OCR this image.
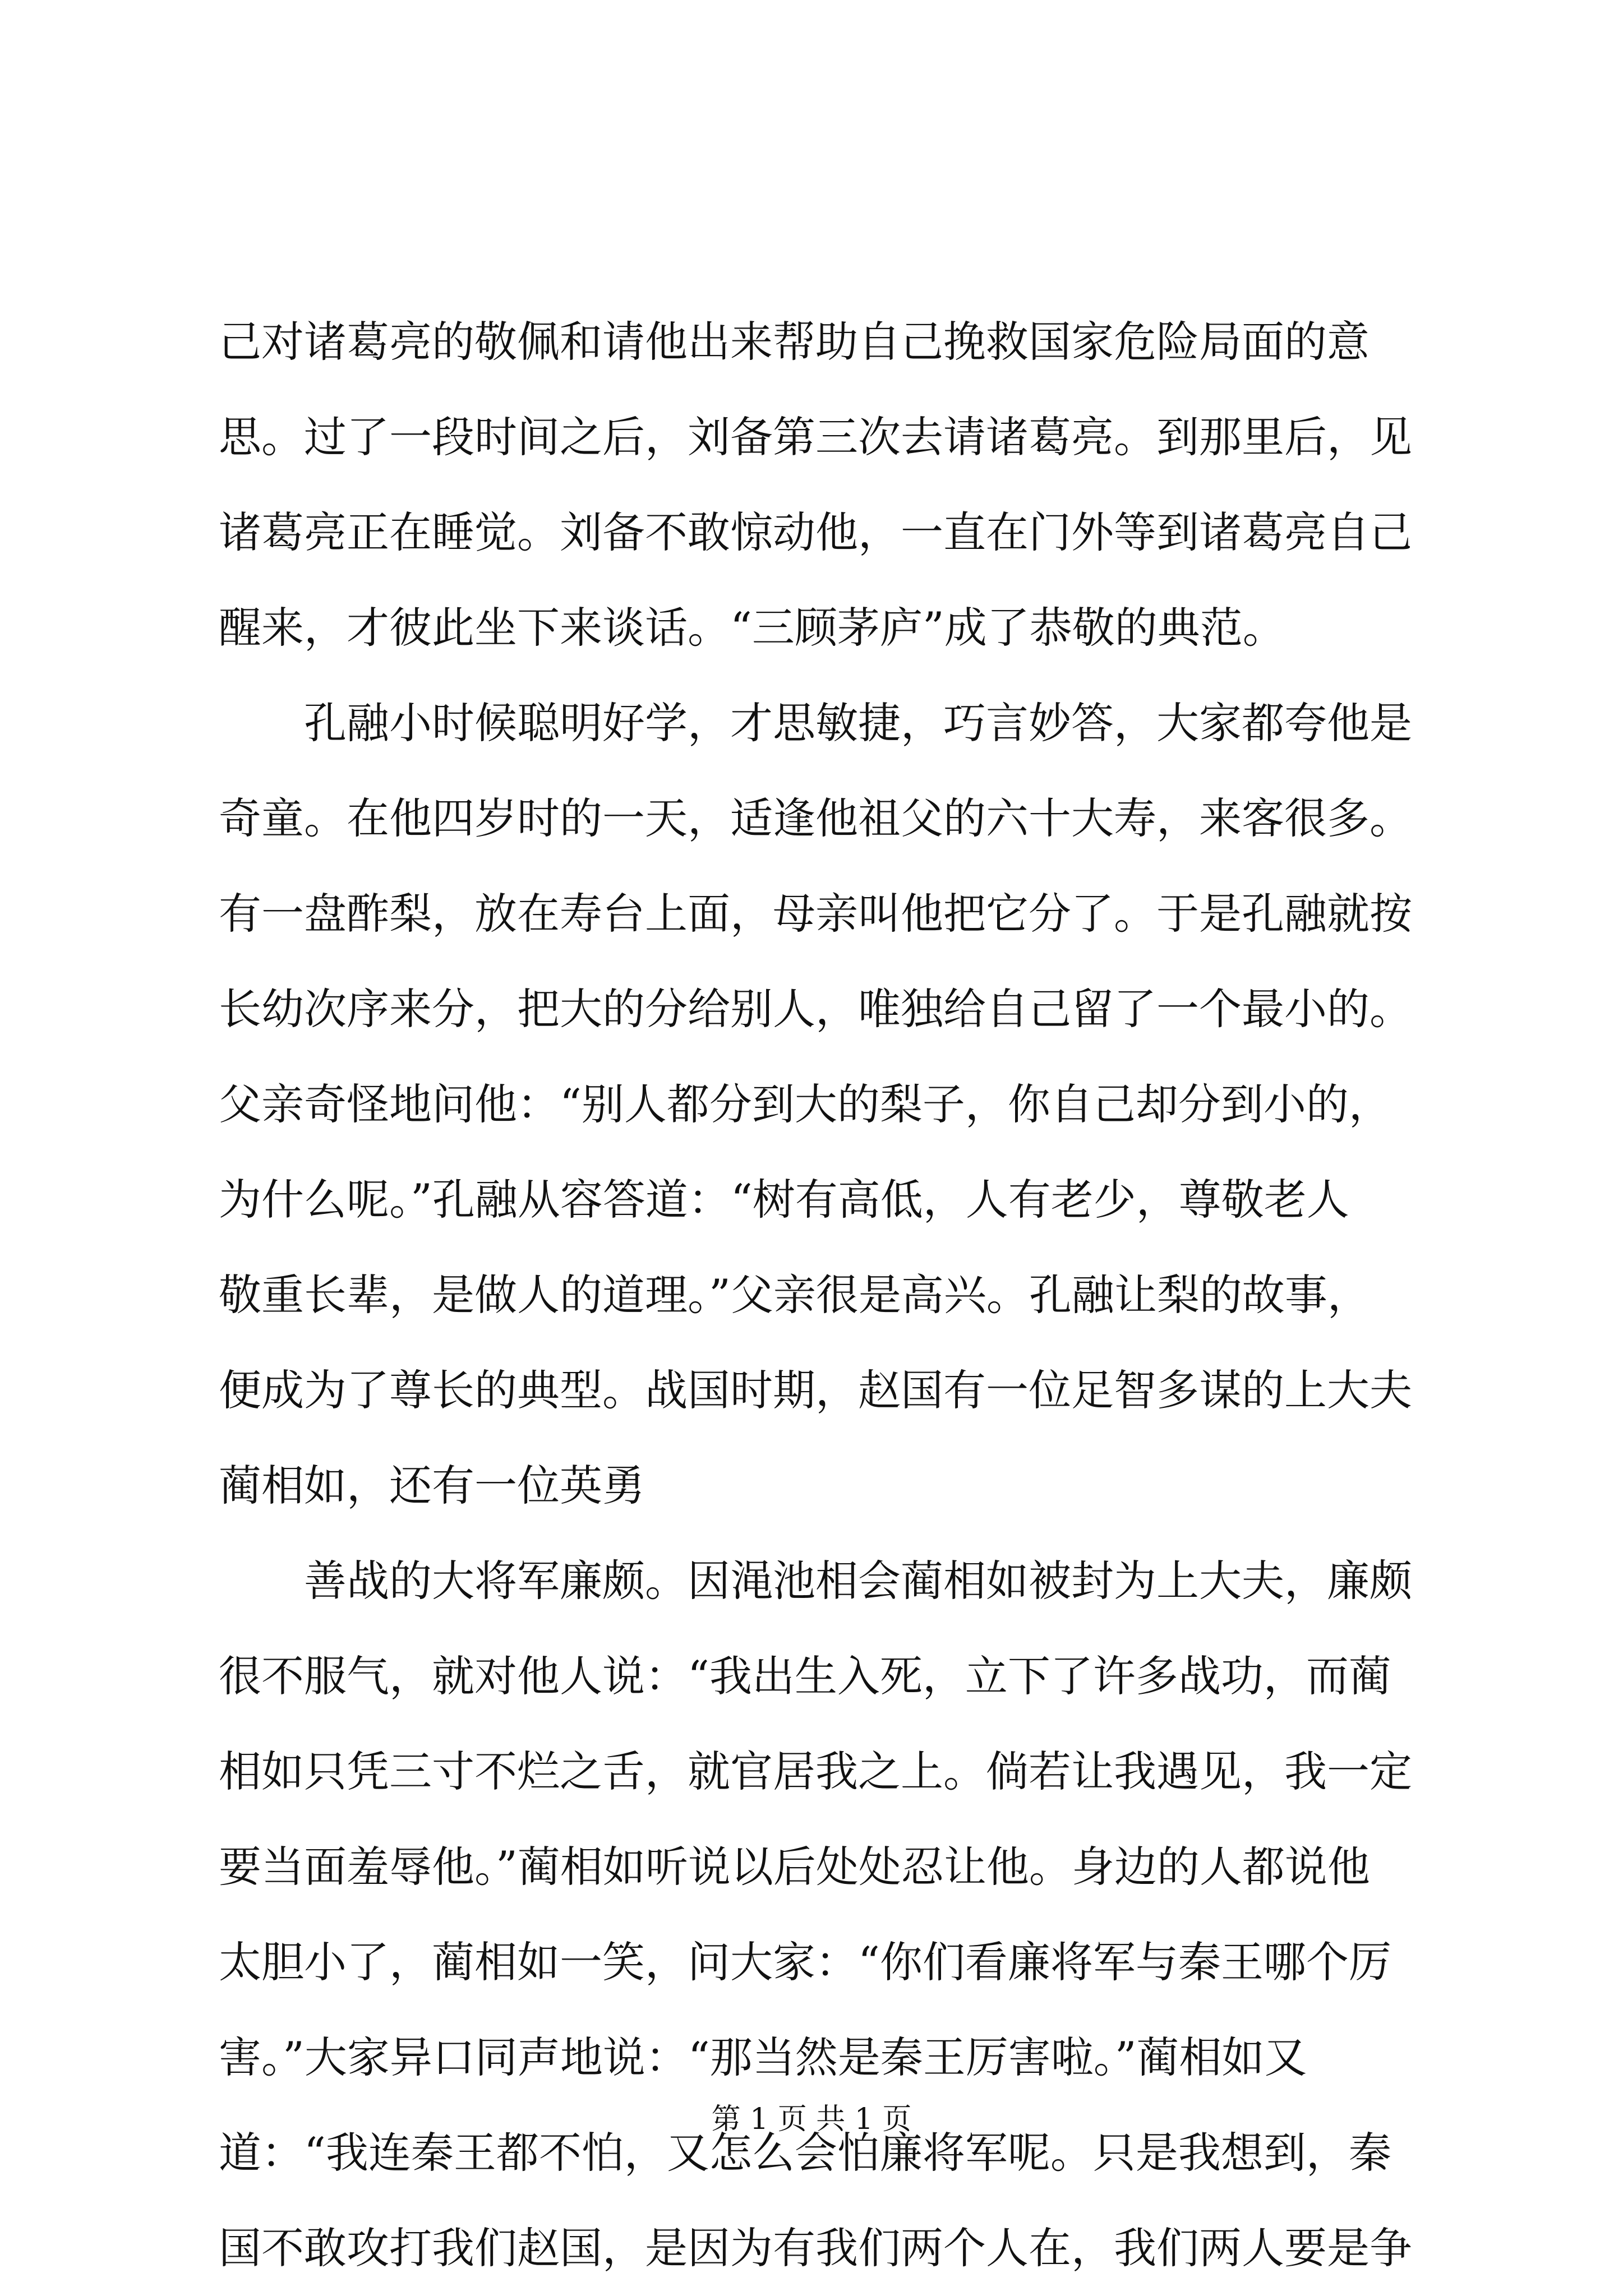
己对诸葛亮的敬佩和请他出来帮助自己挽救国家危险局面的意
思。过了一段时间之后，刘备第三次去请诸葛亮。到那里后，见
诸葛亮正在睡觉。刘备不敢惊动他，一直在门外等到诸葛亮自己
醒来，才彼此坐下来谈话。“三顾茅庐”成了恭敬的典范。
孔融小时候聪明好学，才思敏捷，巧言妙答，大家都夸他是
奇童。在他四岁时的一天，适逢他祖父的六十大寿，来客很多。
有一盘酢梨，放在寿台上面，母亲叫他把它分了。于是孔融就按
长幼次序来分，把大的分给别人，唯独给自己留了一个最小的。
父亲奇怪地问他：“别人都分到大的梨子，你自己却分到小的，
为什么呢。”孔融从容答道：“树有高低，人有老少，尊敬老人
敬重长辈，是做人的道理。”父亲很是高兴。孔融让梨的故事，
便成为了尊长的典型。战国时期，赵国有一位足智多谋的上大夫
蔺相如，还有一位英勇
善战的大将军廉颇。因渑池相会蔺相如被封为上大夫，廉颇
很不服气，就对他人说：“我出生入死，立下了许多战功，而蔺
相如只凭三寸不烂之舌，就官居我之上。倘若让我遇见，我一定
要当面羞辱他。”蔺相如听说以后处处忍让他。身边的人都说他
太胆小了，蔺相如一笑，问大家：“你们看廉将军与秦王哪个厉
害。”大家异口同声地说：“那当然是秦王厉害啦。”蔺相如又
道：“我连秦王都不怕，又怎么会怕廉将军呢。只是我想到，秦
国不敢攻打我们赵国，是因为有我们两个人在，我们两人要是争
第 1 页 共 1 页
